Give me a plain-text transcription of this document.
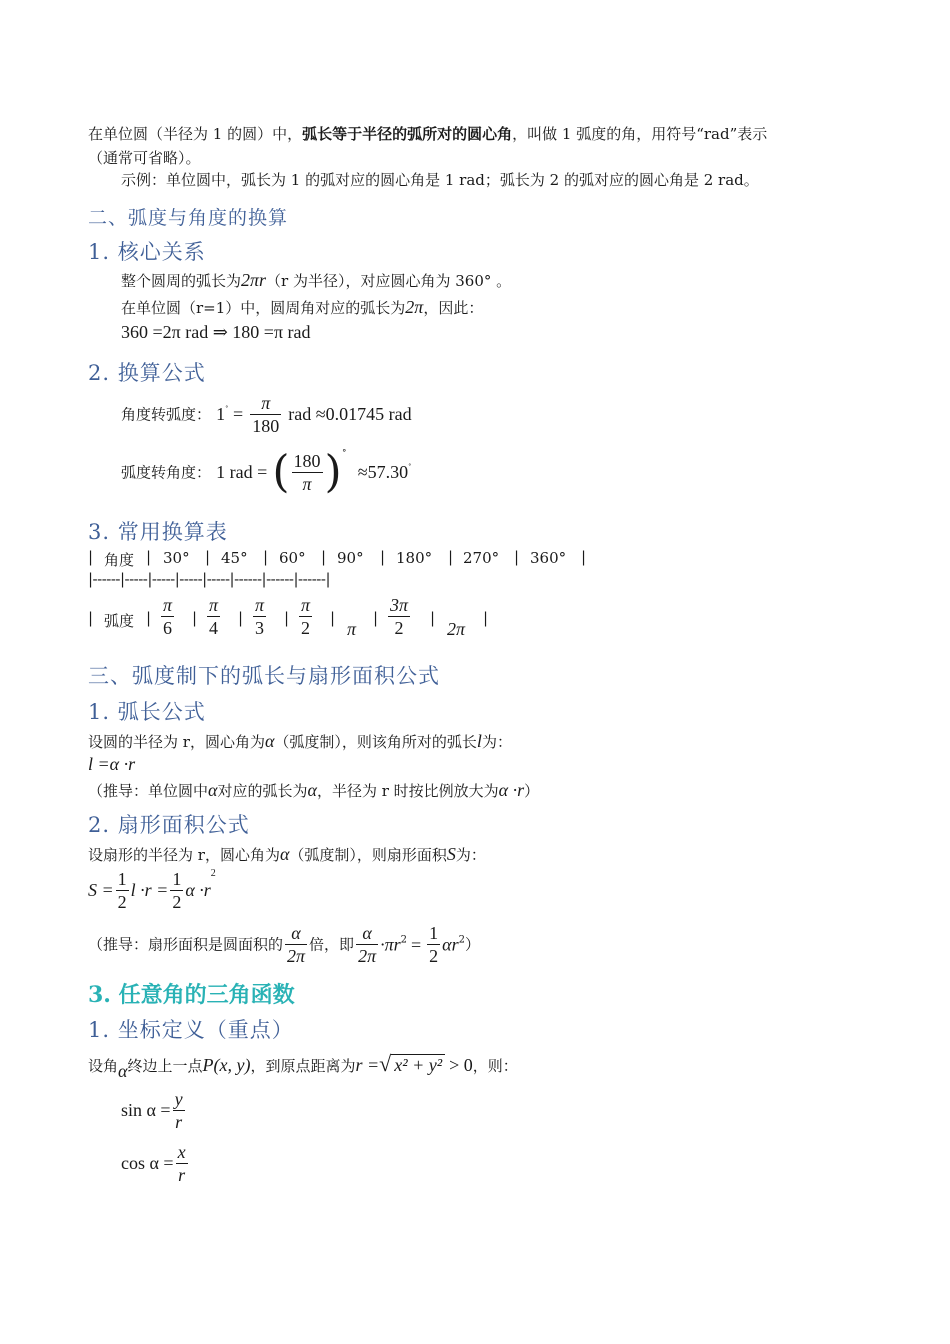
在单位圆（半径为 1 的圆）中，弧长等于半径的弧所对的圆心角，叫做 1 弧度的角，用符号“rad”表示
（通常可省略）。
示例：单位圆中，弧长为 1 的弧对应的圆心角是 1 rad；弧长为 2 的弧对应的圆心角是 2 rad。
二、弧度与角度的换算
1. 核心关系
整个圆周的弧长为2πr（r 为半径），对应圆心角为 360° 。
在单位圆（r=1）中，圆周角对应的弧长为2π，因此：
360 =2π rad ⇒ 180 =π rad
2. 换算公式
角度转弧度： $1^˚ = \frac{\pi}{180}$ rad ≈0.01745 rad
弧度转角度： 1 rad = ( $\frac{180}{\pi} )^˚ \approx 57.30^˚$
3. 常用换算表
| 角度 | 30° | 45° | 60° | 90° | 180° | 270° | 360° |
|------|-----|-----|-----|-----|------|------|------|
| 弧度 | $\frac{\pi}{6}$ | $\frac{\pi}{4}$ | $\frac{\pi}{3}$ | $\frac{\pi}{2}$ |
π
| $\frac{3\pi}{2}$ |
2π
|
三、弧度制下的弧长与扇形面积公式
1. 弧长公式
设圆的半径为 r，圆心角为α（弧度制），则该角所对的弧长l为：
l =α ·r
（推导：单位圆中α对应的弧长为α，半径为 r 时按比例放大为α ·r）
2. 扇形面积公式
设扇形的半径为 r，圆心角为α（弧度制），则扇形面积S为：
$S = \frac{1}{2}$ $l \cdot r = \frac{1}{2}$ $\alpha \cdot r^2$
（推导：扇形面积是圆面积的 $\frac{\alpha}{2\pi}$ 倍，即 $\frac{\alpha}{2\pi} \cdot\pi r^2 = \frac{1}{2} \alpha r^2$）
3. 任意角的三角函数
1. 坐标定义（重点）
设角α终边上一点P(x, y)，到原点距离为r =√ x² + y² > 0，则：
$\sin \alpha = \frac{y}{r}$
$\cos \alpha = \frac{x}{r}$
